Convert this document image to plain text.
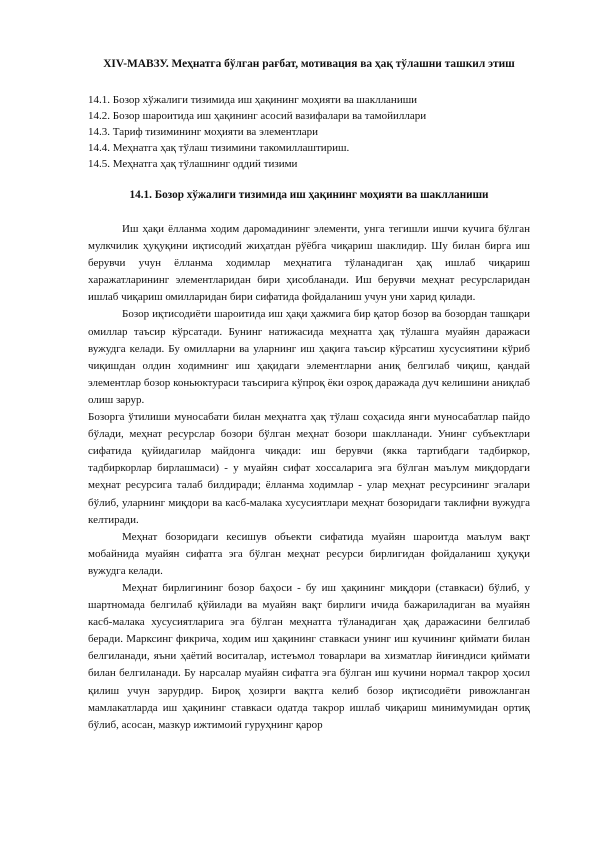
XIV-МАВЗУ. Меҳнатга бўлган рағбат, мотивация ва ҳақ тўлашни ташкил этиш
14.1. Бозор хўжалиги тизимида иш ҳақининг моҳияти ва шаклланиши
14.2. Бозор шароитида иш ҳақининг асосий вазифалари ва тамойиллари
14.3. Тариф тизимининг моҳияти ва элементлари
14.4. Меҳнатга ҳақ тўлаш тизимини такомиллаштириш.
14.5. Меҳнатга ҳақ тўлашнинг оддий тизими
14.1. Бозор хўжалиги тизимида иш ҳақининг моҳияти ва шаклланиши

Иш ҳақи ёлланма ходим даромадининг элементи, унга тегишли ишчи кучига бўлган мулкчилик ҳуқуқини иқтисодий жиҳатдан рўёбга чиқариш шаклидир. Шу билан бирга иш берувчи учун ёлланма ходимлар меҳнатига тўланадиган ҳақ ишлаб чиқариш харажатларининг элементларидан бири ҳисобланади. Иш берувчи меҳнат ресурсларидан ишлаб чиқариш омилларидан бири сифатида фойдаланиш учун уни харид қилади.

Бозор иқтисодиёти шароитида иш ҳақи ҳажмига бир қатор бозор ва бозордан ташқари омиллар таъсир кўрсатади. Бунинг натижасида меҳнатга ҳақ тўлашга муайян даражаси вужудга келади. Бу омилларни ва уларнинг иш ҳақига таъсир кўрсатиш хусусиятини кўриб чиқишдан олдин ходимнинг иш ҳақидаги элементларни аниқ белгилаб чиқиш, қандай элементлар бозор коньюктураси таъсирига кўпроқ ёки озроқ даражада дуч келишини аниқлаб олиш зарур.

Бозорга ўтилиши муносабати билан меҳнатга ҳақ тўлаш соҳасида янги муносабатлар пайдо бўлади, меҳнат ресурслар бозори бўлган меҳнат бозори шаклланади. Унинг субъектлари сифатида қуйидагилар майдонга чиқади: иш берувчи (якка тартибдаги тадбиркор, тадбиркорлар бирлашмаси) - у муайян сифат хоссаларига эга бўлган маълум миқдордаги меҳнат ресурсига талаб билдиради; ёлланма ходимлар - улар меҳнат ресурсининг эгалари бўлиб, уларнинг миқдори ва касб-малака хусусиятлари меҳнат бозоридаги таклифни вужудга келтиради.

Меҳнат бозоридаги кесишув объекти сифатида муайян шароитда маълум вақт мобайнида муайян сифатга эга бўлган меҳнат ресурси бирлигидан фойдаланиш ҳуқуқи вужудга келади.

Меҳнат бирлигининг бозор баҳоси - бу иш ҳақининг миқдори (ставкаси) бўлиб, у шартномада белгилаб қўйилади ва муайян вақт бирлиги ичида бажариладиган ва муайян касб-малака хусусиятларига эга бўлган меҳнатга тўланадиган ҳақ даражасини белгилаб беради. Марксинг фикрича, ходим иш ҳақининг ставкаси унинг иш кучининг қиймати билан белгиланади, яъни ҳаётий воситалар, истеъмол товарлари ва хизматлар йиғиндиси қиймати билан белгиланади. Бу нарсалар муайян сифатга эга бўлган иш кучини нормал такрор ҳосил қилиш учун зарурдир. Бироқ ҳозирги вақтга келиб бозор иқтисодиёти ривожланган мамлакатларда иш ҳақининг ставкаси одатда такрор ишлаб чиқариш минимумидан ортиқ бўлиб, асосан, мазкур ижтимоий гуруҳнинг қарор
